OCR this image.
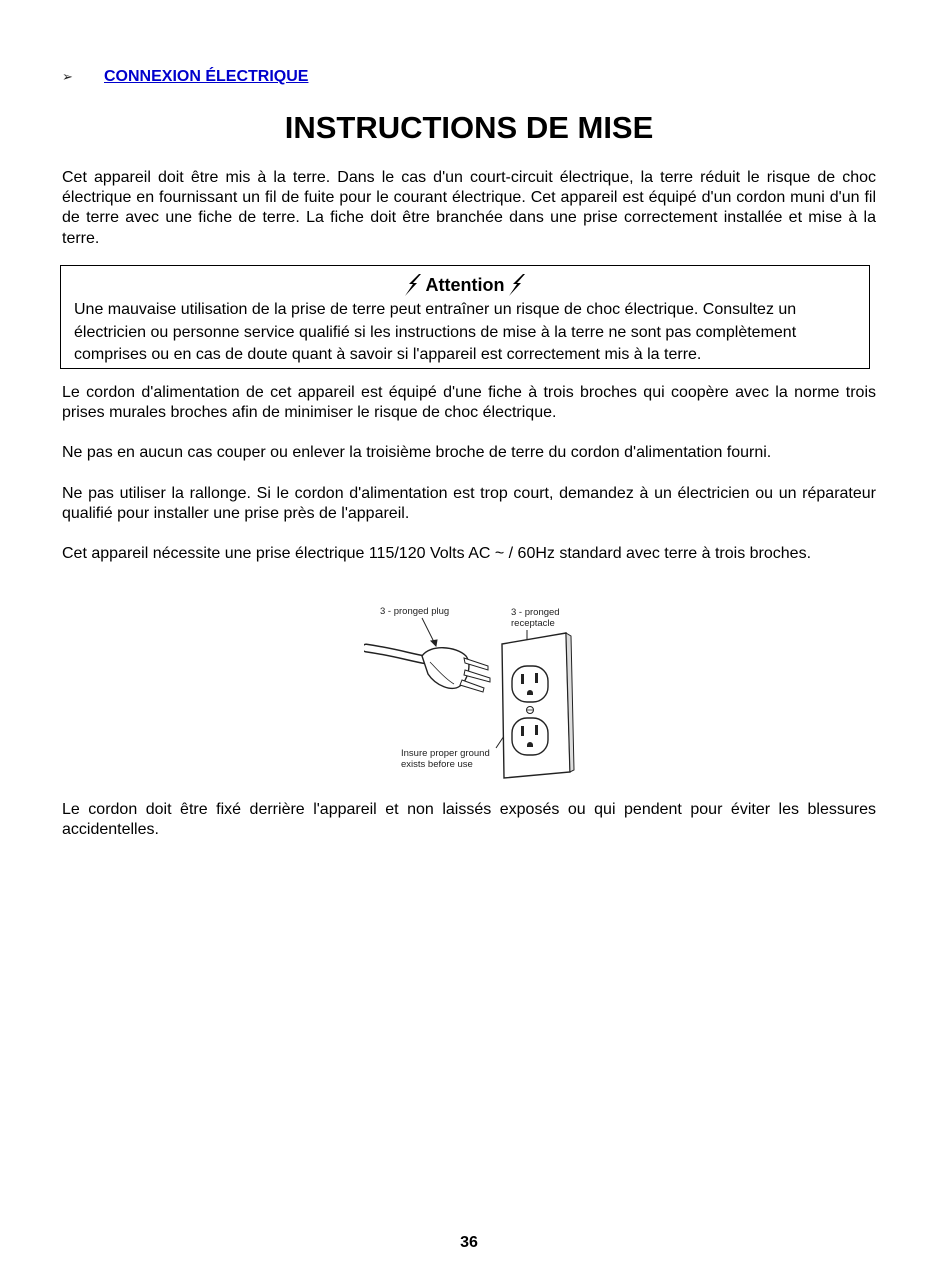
➢	CONNEXION ÉLECTRIQUE
INSTRUCTIONS DE MISE

Cet appareil doit être mis à la terre. Dans le cas d'un court-circuit électrique, la terre réduit le risque de choc électrique en fournissant un fil de fuite pour le courant électrique. Cet appareil est équipé d'un cordon muni d'un fil de terre avec une fiche de terre. La fiche doit être branchée dans une prise correctement installée et mise à la terre.

Attention

Une mauvaise utilisation de la prise de terre peut entraîner un risque de choc électrique. Consultez un électricien ou personne service qualifié si les instructions de mise à la terre ne sont pas complètement comprises ou en cas de doute quant à savoir si l'appareil est correctement mis à la terre.

Le cordon d'alimentation de cet appareil est équipé d'une fiche à trois broches qui coopère avec la norme trois prises murales broches afin de minimiser le risque de choc électrique.

Ne pas en aucun cas couper ou enlever la troisième broche de terre du cordon d'alimentation fourni.

Ne pas utiliser la rallonge. Si le cordon d'alimentation est trop court, demandez à un électricien ou un réparateur qualifié pour installer une prise près de l'appareil.

Cet appareil nécessite une prise électrique 115/120 Volts AC ~ / 60Hz standard avec terre à trois broches.

3 - pronged plug	3 - pronged
receptacle
Insure proper ground
exists before use

Le cordon doit être fixé derrière l'appareil et non laissés exposés ou qui pendent pour éviter les blessures accidentelles.

36
